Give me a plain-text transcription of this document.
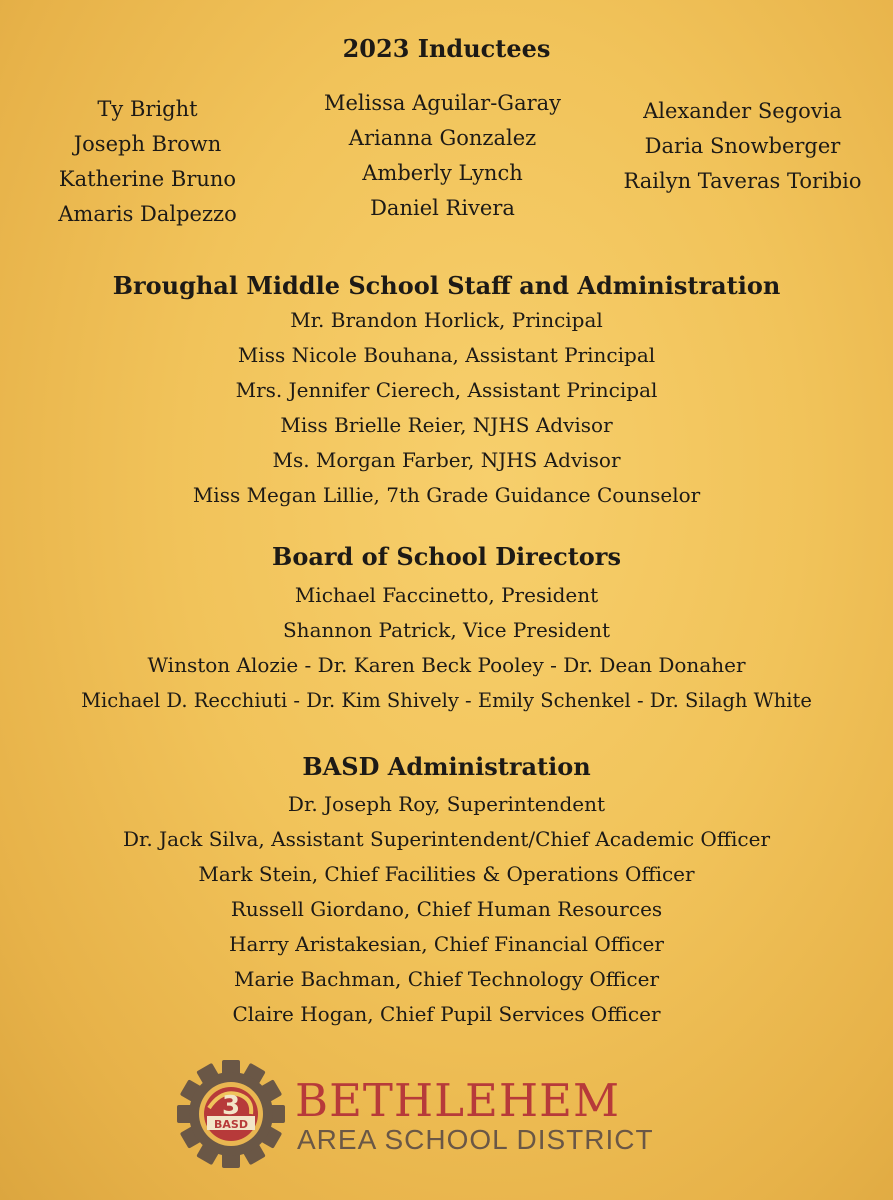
2023 Inductees
Ty Bright
Joseph Brown
Katherine Bruno
Amaris Dalpezzo
Melissa Aguilar-Garay
Arianna Gonzalez
Amberly Lynch
Daniel Rivera
Alexander Segovia
Daria Snowberger
Railyn Taveras Toribio
Broughal Middle School Staff and Administration
Mr. Brandon Horlick, Principal
Miss Nicole Bouhana, Assistant Principal
Mrs. Jennifer Cierech, Assistant Principal
Miss Brielle Reier, NJHS Advisor
Ms. Morgan Farber, NJHS Advisor
Miss Megan Lillie, 7th Grade Guidance Counselor
Board of School Directors
Michael Faccinetto, President
Shannon Patrick, Vice President
Winston Alozie - Dr. Karen Beck Pooley - Dr. Dean Donaher
Michael D. Recchiuti - Dr. Kim Shively - Emily Schenkel - Dr. Silagh White
BASD Administration
Dr. Joseph Roy, Superintendent
Dr. Jack Silva, Assistant Superintendent/Chief Academic Officer
Mark Stein, Chief Facilities & Operations Officer
Russell Giordano, Chief Human Resources
Harry Aristakesian, Chief Financial Officer
Marie Bachman, Chief Technology Officer
Claire Hogan, Chief Pupil Services Officer
3
BASD BETHLEHEM
AREA SCHOOL DISTRICT
